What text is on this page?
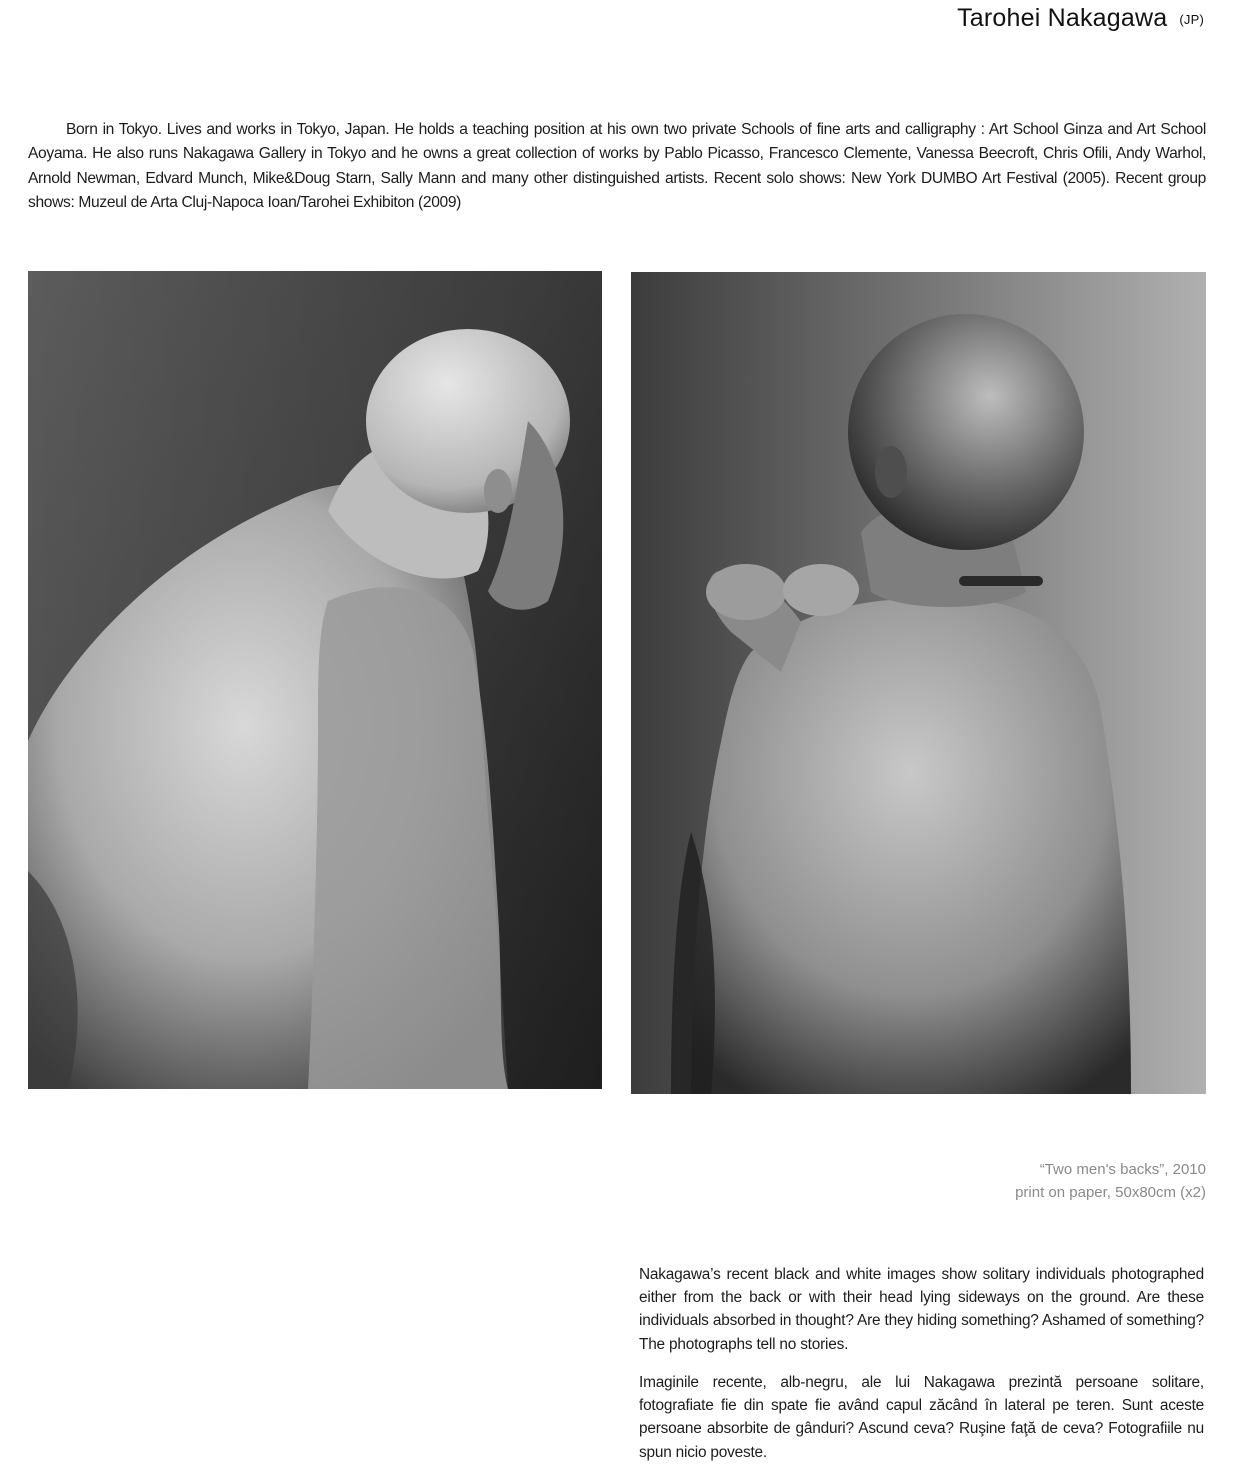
Tarohei Nakagawa (JP)

Born in Tokyo. Lives and works in Tokyo, Japan. He holds a teaching position at his own two private Schools of fine arts and calligraphy : Art School Ginza and Art School Aoyama. He also runs Nakagawa Gallery in Tokyo and he owns a great collection of works by Pablo Picasso, Francesco Clemente, Vanessa Beecroft, Chris Ofili, Andy Warhol, Arnold Newman, Edvard Munch, Mike&Doug Starn, Sally Mann and many other distinguished artists. Recent solo shows: New York DUMBO Art Festival (2005). Recent group shows: Muzeul de Arta Cluj-Napoca Ioan/Tarohei Exhibiton (2009)

“Two men's backs”, 2010
print on paper, 50x80cm (x2)

Nakagawa’s recent black and white images show solitary individuals photographed either from the back or with their head lying sideways on the ground. Are these individuals absorbed in thought? Are they hiding something? Ashamed of something? The photographs tell no stories.

Imaginile recente, alb-negru, ale lui Nakagawa prezintă persoane solitare, fotografiate fie din spate fie având capul zăcând în lateral pe teren. Sunt aceste persoane absorbite de gânduri? Ascund ceva? Ruşine faţă de ceva? Fotografiile nu spun nicio poveste.
